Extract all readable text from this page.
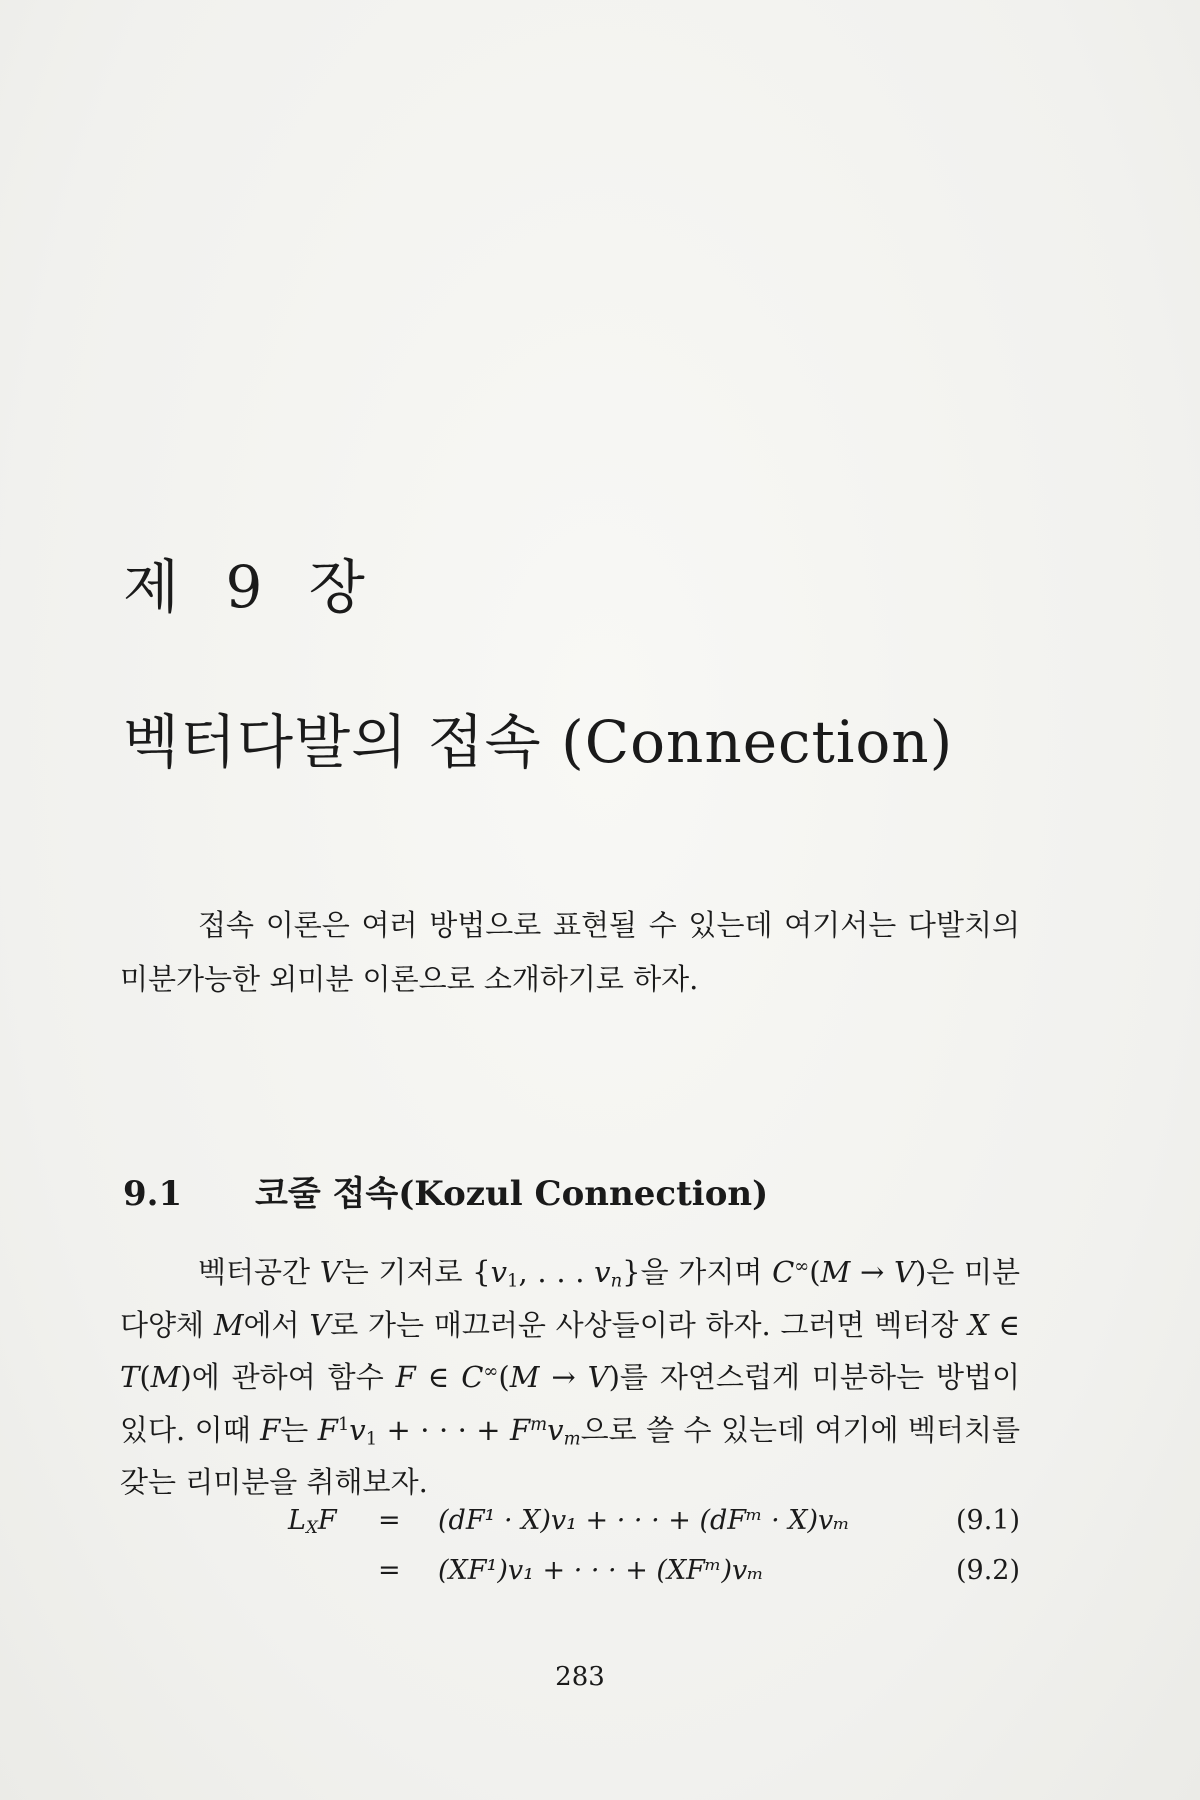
제 9 장
벡터다발의 접속 (Connection)
접속 이론은 여러 방법으로 표현될 수 있는데 여기서는 다발치의 미분가능한 외미분 이론으로 소개하기로 하자.
9.1 코줄 접속(Kozul Connection)
벡터공간 V는 기저로 {$v_1$, . . . $v_n$}을 가지며 C∞(M → V)은 미분다양체 M에서 V로 가는 매끄러운 사상들이라 하자. 그러면 벡터장 X ∈ T(M)에 관하여 함수 F ∈ C∞(M → V)를 자연스럽게 미분하는 방법이 있다. 이때 F는 $F^1v_1$ + · · · + $F^mv_m$으로 쓸 수 있는데 여기에 벡터치를 갖는 리미분을 취해보자.
$L_XF = (dF^1 \cdot X)v_1$ + · · · + (dFᵐ · X)vₘ	(9.1)
= (XF¹)v₁ + · · · + (XFᵐ)vₘ	(9.2)
283
